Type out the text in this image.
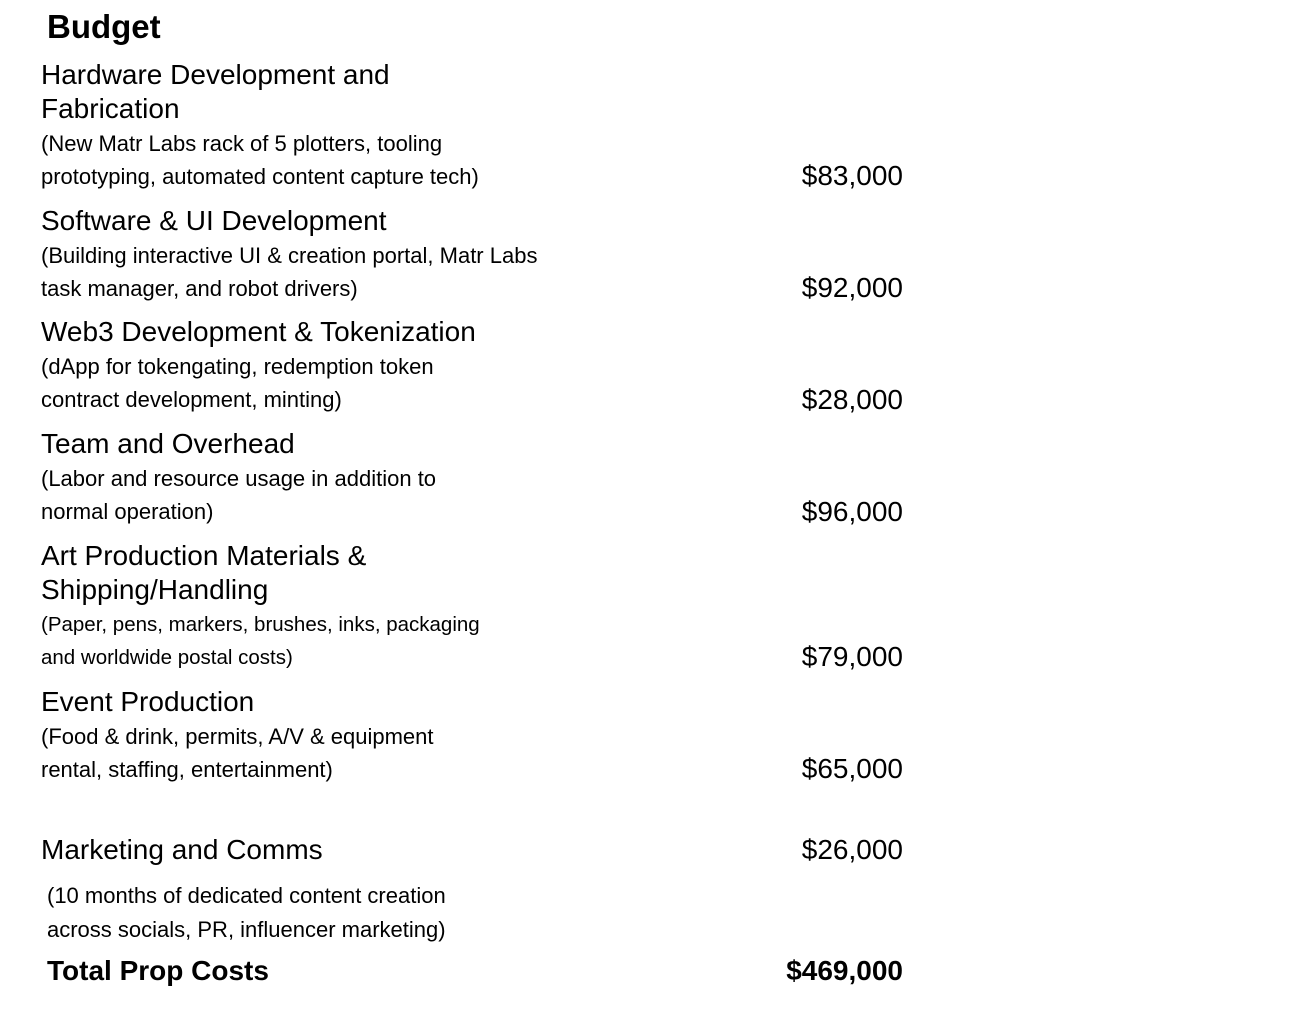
Budget
Hardware Development and Fabrication
(New Matr Labs rack of 5 plotters, tooling prototyping, automated content capture tech)	$83,000
Software & UI Development
(Building interactive UI & creation portal, Matr Labs task manager, and robot drivers)	$92,000
Web3 Development & Tokenization
(dApp for tokengating, redemption token contract development, minting)	$28,000
Team and Overhead
(Labor and resource usage in addition to normal operation)	$96,000
Art Production Materials & Shipping/Handling
(Paper, pens, markers, brushes, inks, packaging and worldwide postal costs)	$79,000
Event Production
(Food & drink, permits, A/V & equipment rental, staffing, entertainment)	$65,000
Marketing and Comms	$26,000
(10 months of dedicated content creation across socials, PR, influencer marketing)
Total Prop Costs	$469,000
